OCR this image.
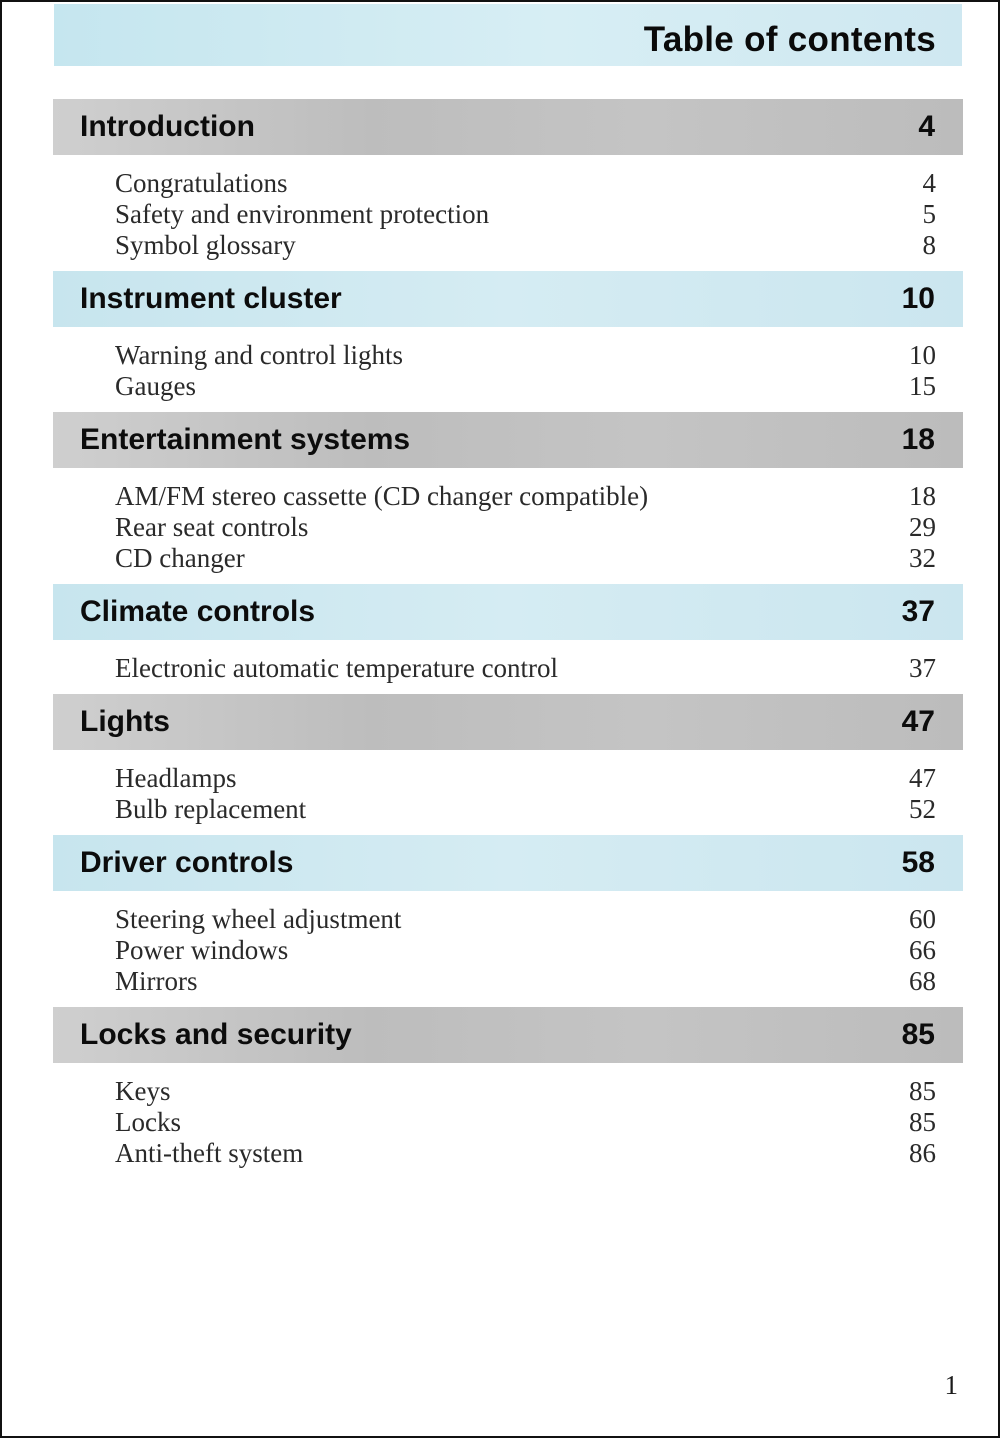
Table of contents
Introduction	4
Congratulations	4
Safety and environment protection	5
Symbol glossary	8
Instrument cluster	10
Warning and control lights	10
Gauges	15
Entertainment systems	18
AM/FM stereo cassette (CD changer compatible)	18
Rear seat controls	29
CD changer	32
Climate controls	37
Electronic automatic temperature control	37
Lights	47
Headlamps	47
Bulb replacement	52
Driver controls	58
Steering wheel adjustment	60
Power windows	66
Mirrors	68
Locks and security	85
Keys	85
Locks	85
Anti-theft system	86
1
